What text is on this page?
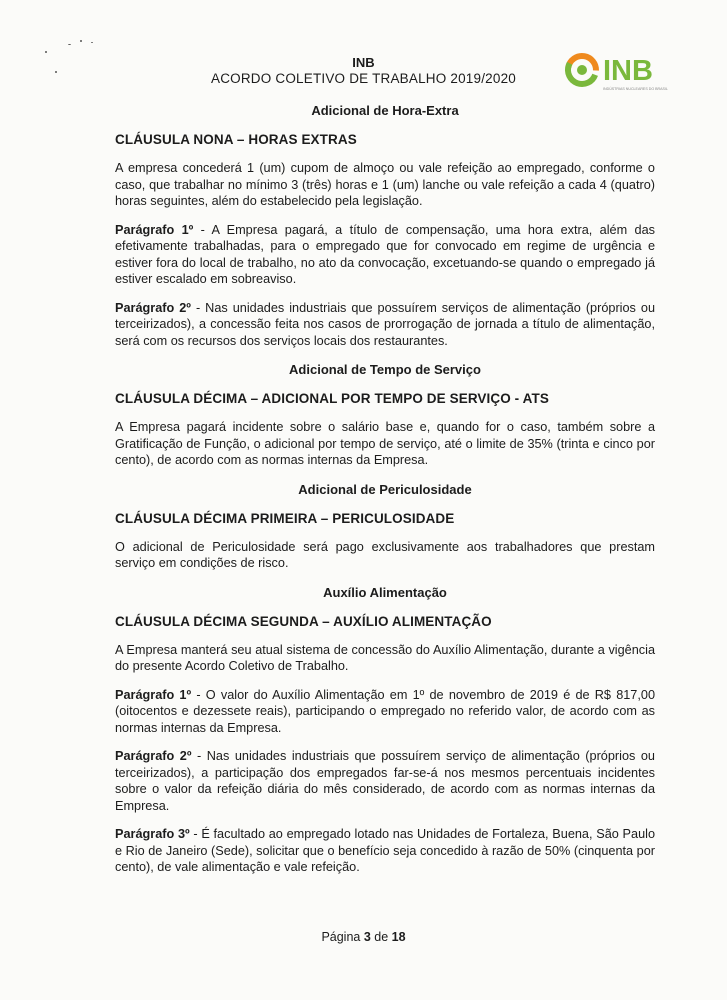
INB
ACORDO COLETIVO DE TRABALHO 2019/2020	INB
INDÚSTRIAS NUCLEARES DO BRASIL
Adicional de Hora-Extra
CLÁUSULA NONA – HORAS EXTRAS

A empresa concederá 1 (um) cupom de almoço ou vale refeição ao empregado, conforme o caso, que trabalhar no mínimo 3 (três) horas e 1 (um) lanche ou vale refeição a cada 4 (quatro) horas seguintes, além do estabelecido pela legislação.

Parágrafo 1º - A Empresa pagará, a título de compensação, uma hora extra, além das efetivamente trabalhadas, para o empregado que for convocado em regime de urgência e estiver fora do local de trabalho, no ato da convocação, excetuando-se quando o empregado já estiver escalado em sobreaviso.

Parágrafo 2º - Nas unidades industriais que possuírem serviços de alimentação (próprios ou terceirizados), a concessão feita nos casos de prorrogação de jornada a título de alimentação, será com os recursos dos serviços locais dos restaurantes.

Adicional de Tempo de Serviço
CLÁUSULA DÉCIMA – ADICIONAL POR TEMPO DE SERVIÇO - ATS

A Empresa pagará incidente sobre o salário base e, quando for o caso, também sobre a Gratificação de Função, o adicional por tempo de serviço, até o limite de 35% (trinta e cinco por cento), de acordo com as normas internas da Empresa.

Adicional de Periculosidade
CLÁUSULA DÉCIMA PRIMEIRA – PERICULOSIDADE

O adicional de Periculosidade será pago exclusivamente aos trabalhadores que prestam serviço em condições de risco.

Auxílio Alimentação
CLÁUSULA DÉCIMA SEGUNDA – AUXÍLIO ALIMENTAÇÃO

A Empresa manterá seu atual sistema de concessão do Auxílio Alimentação, durante a vigência do presente Acordo Coletivo de Trabalho.

Parágrafo 1º - O valor do Auxílio Alimentação em 1º de novembro de 2019 é de R$ 817,00 (oitocentos e dezessete reais), participando o empregado no referido valor, de acordo com as normas internas da Empresa.

Parágrafo 2º - Nas unidades industriais que possuírem serviço de alimentação (próprios ou terceirizados), a participação dos empregados far-se-á nos mesmos percentuais incidentes sobre o valor da refeição diária do mês considerado, de acordo com as normas internas da Empresa.

Parágrafo 3º - É facultado ao empregado lotado nas Unidades de Fortaleza, Buena, São Paulo e Rio de Janeiro (Sede), solicitar que o benefício seja concedido à razão de 50% (cinquenta por cento), de vale alimentação e vale refeição.

Página 3 de 18
